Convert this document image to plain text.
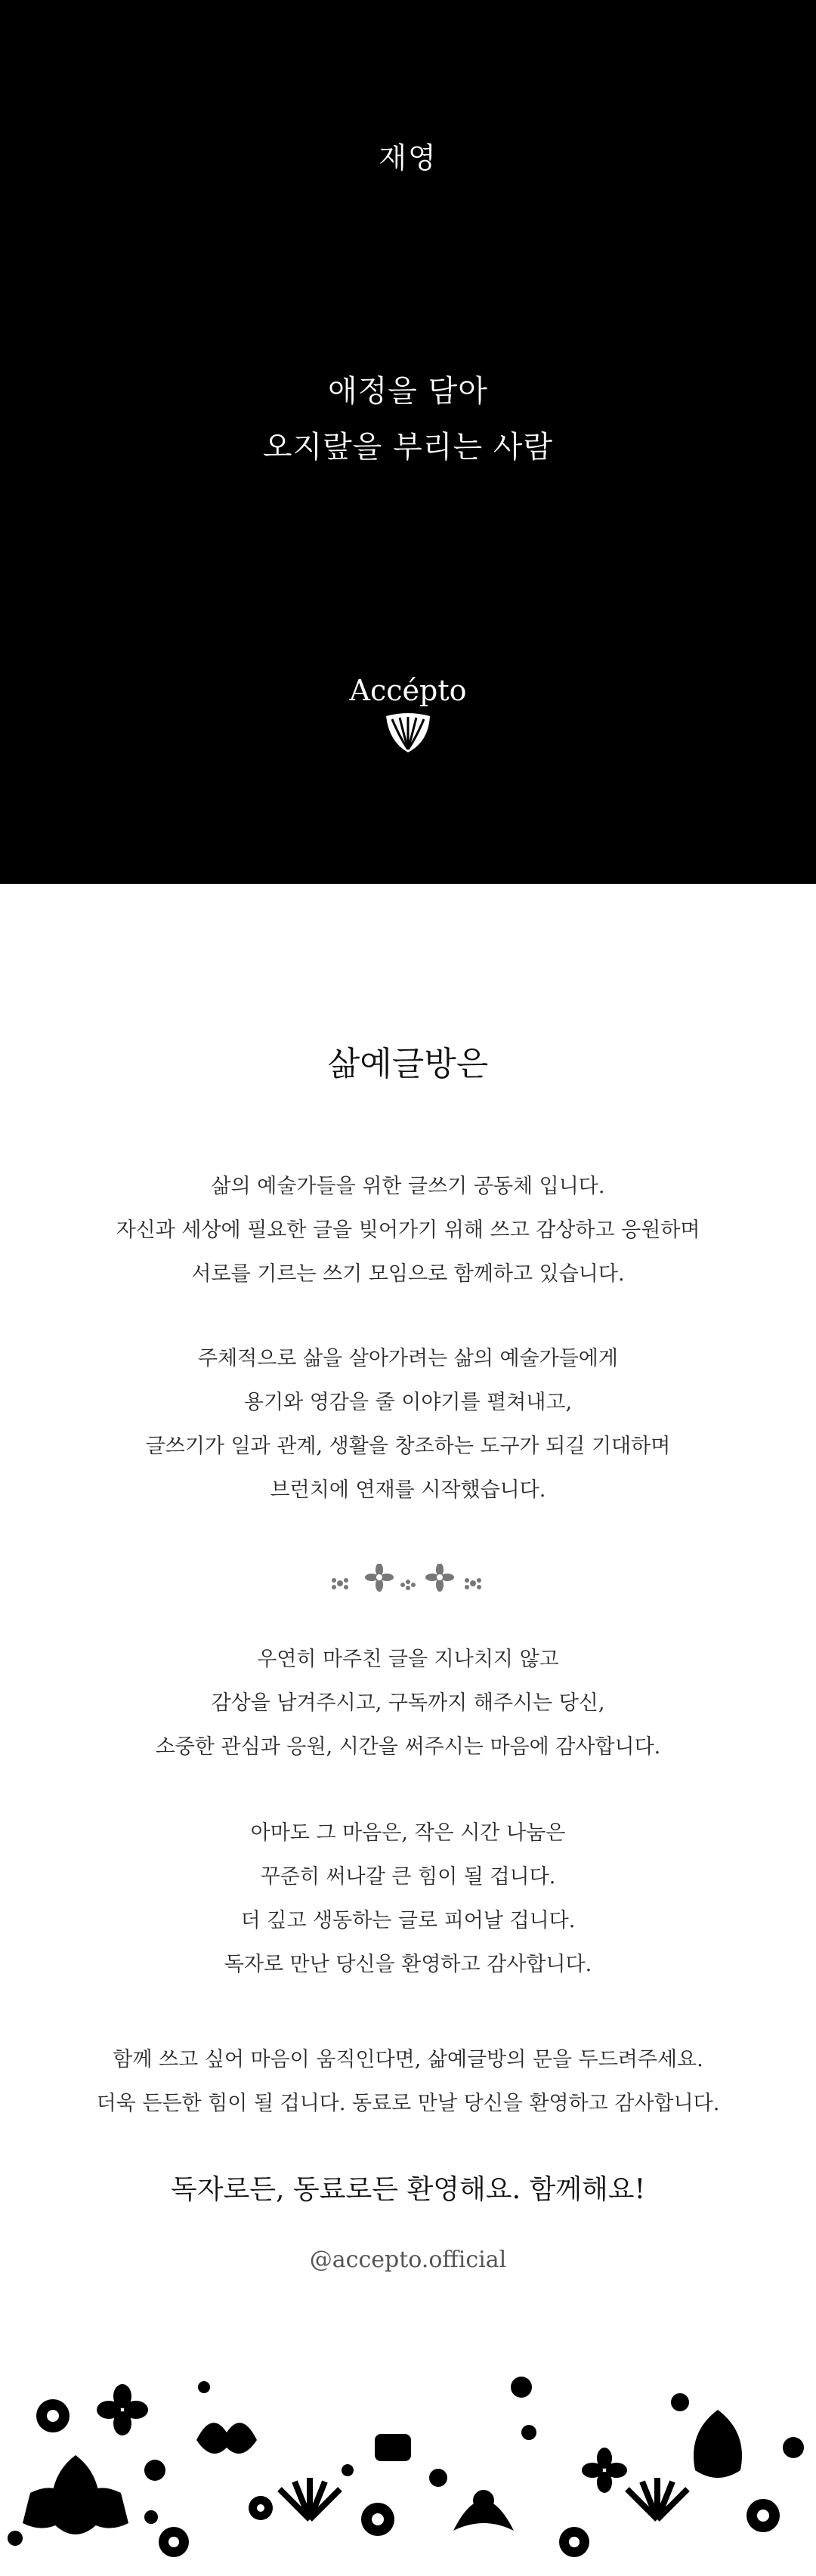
재영
애정을 담아
오지랖을 부리는 사람
Accépto
삶예글방은
삶의 예술가들을 위한 글쓰기 공동체 입니다.
자신과 세상에 필요한 글을 빚어가기 위해 쓰고 감상하고 응원하며
서로를 기르는 쓰기 모임으로 함께하고 있습니다.
주체적으로 삶을 살아가려는 삶의 예술가들에게
용기와 영감을 줄 이야기를 펼쳐내고,
글쓰기가 일과 관계, 생활을 창조하는 도구가 되길 기대하며
브런치에 연재를 시작했습니다.
우연히 마주친 글을 지나치지 않고
감상을 남겨주시고, 구독까지 해주시는 당신,
소중한 관심과 응원, 시간을 써주시는 마음에 감사합니다.
아마도 그 마음은, 작은 시간 나눔은
꾸준히 써나갈 큰 힘이 될 겁니다.
더 깊고 생동하는 글로 피어날 겁니다.
독자로 만난 당신을 환영하고 감사합니다.
함께 쓰고 싶어 마음이 움직인다면, 삶예글방의 문을 두드려주세요.
더욱 든든한 힘이 될 겁니다. 동료로 만날 당신을 환영하고 감사합니다.
독자로든, 동료로든 환영해요. 함께해요!
@accepto.official
